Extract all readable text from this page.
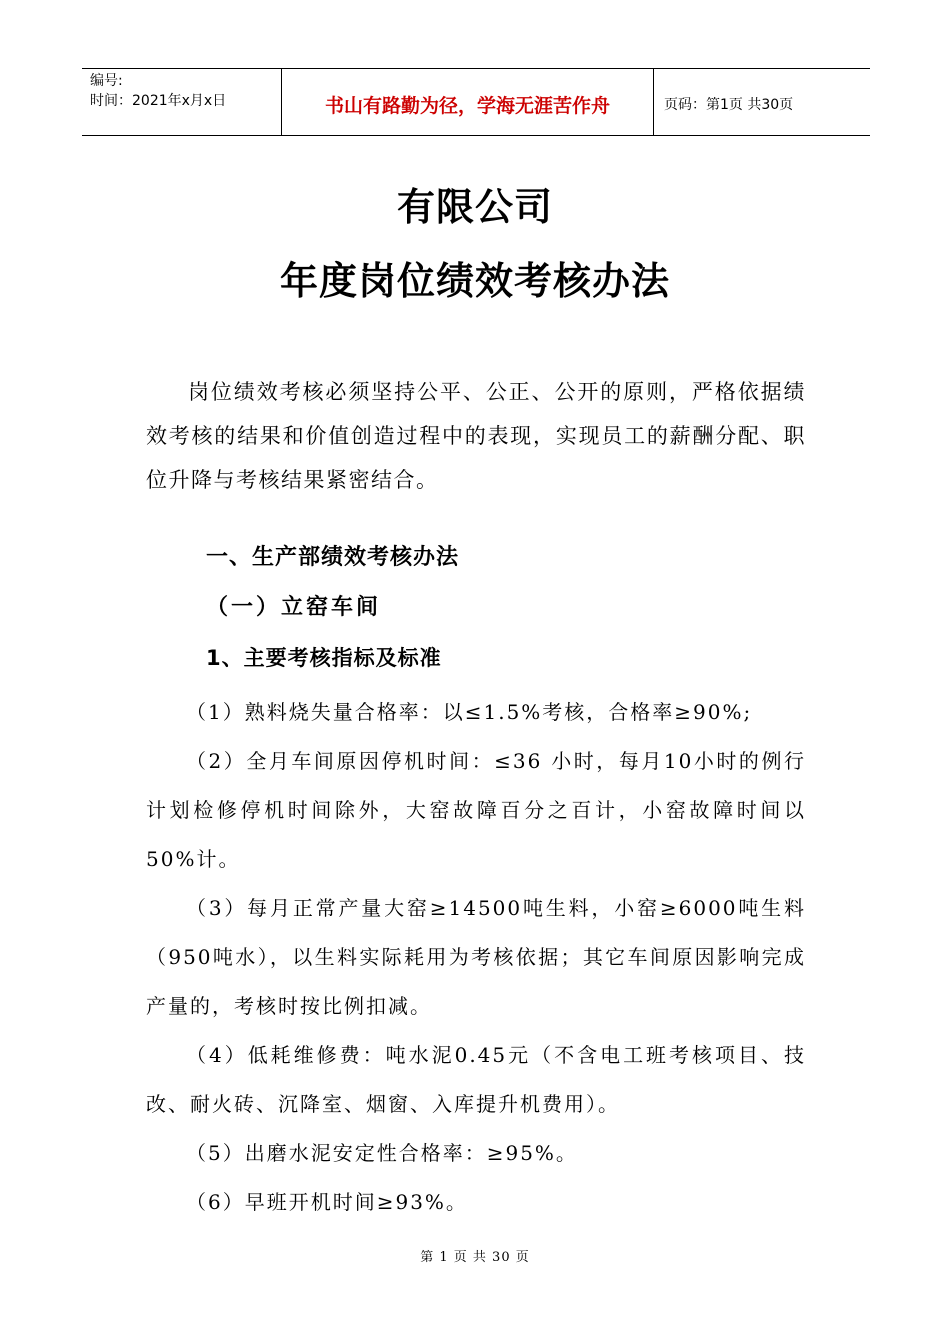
编号:
时间：2021年x月x日	书山有路勤为径，学海无涯苦作舟	页码：第1页 共30页
有限公司
年度岗位绩效考核办法

岗位绩效考核必须坚持公平、公正、公开的原则，严格依据绩效考核的结果和价值创造过程中的表现，实现员工的薪酬分配、职位升降与考核结果紧密结合。

一、生产部绩效考核办法
（一）立窑车间
1、主要考核指标及标准

（1）熟料烧失量合格率：以≤1.5%考核，合格率≥90%;

（2）全月车间原因停机时间：≤36 小时，每月10小时的例行计划检修停机时间除外，大窑故障百分之百计，小窑故障时间以50%计。

（3）每月正常产量大窑≥14500吨生料，小窑≥6000吨生料（950吨水），以生料实际耗用为考核依据；其它车间原因影响完成产量的，考核时按比例扣减。

（4）低耗维修费：吨水泥0.45元（不含电工班考核项目、技改、耐火砖、沉降室、烟窗、入库提升机费用）。

（5）出磨水泥安定性合格率：≥95%。

（6）早班开机时间≥93%。

第 1 页 共 30 页
